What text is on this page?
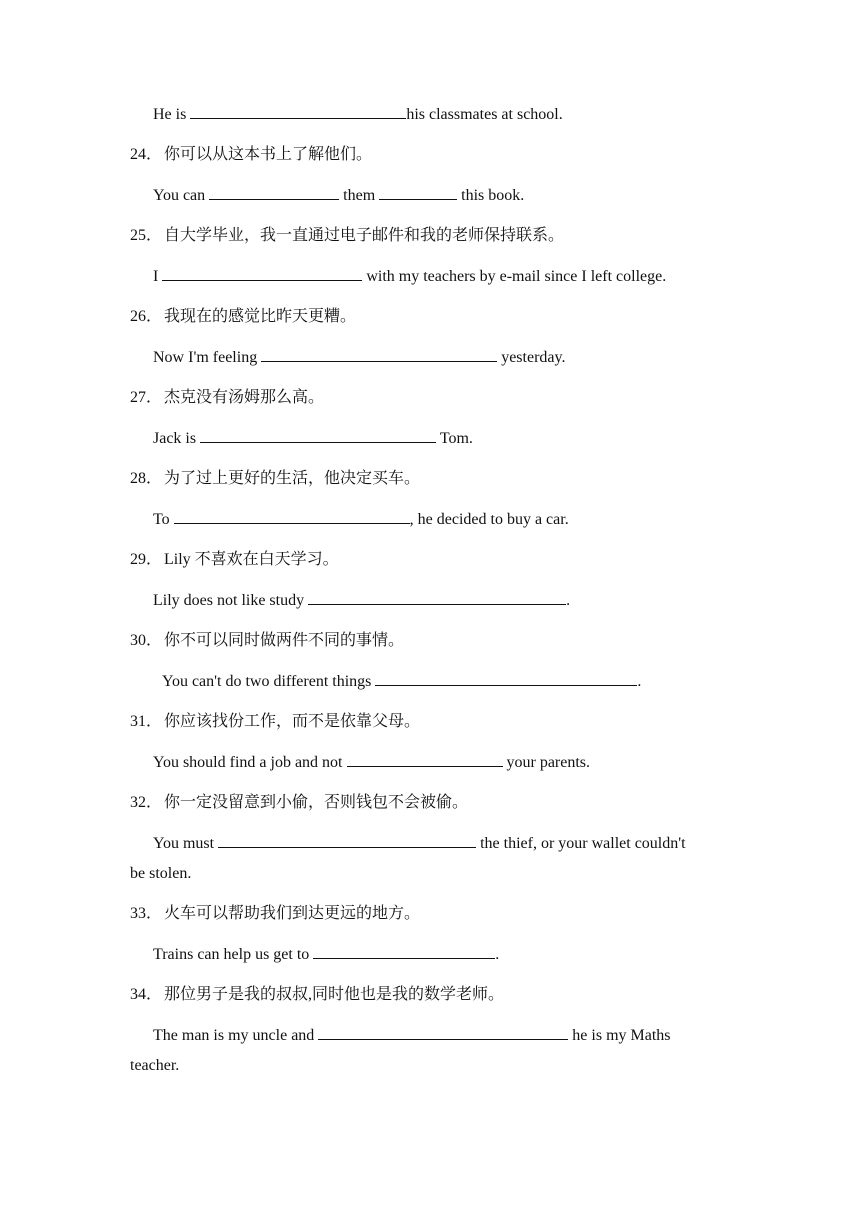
He is	his classmates at school.
24． 你可以从这本书上了解他们。
You can	them	this book.
25． 自大学毕业，我一直通过电子邮件和我的老师保持联系。
I	with my teachers by e-mail since I left college.
26． 我现在的感觉比昨天更糟。
Now I'm feeling	yesterday.
27． 杰克没有汤姆那么高。
Jack is	Tom.
28． 为了过上更好的生活，他决定买车。
To	, he decided to buy a car.
29． Lily 不喜欢在白天学习。
Lily does not like study	.
30． 你不可以同时做两件不同的事情。
You can't do two different things	.
31． 你应该找份工作，而不是依靠父母。
You should find a job and not	your parents.
32． 你一定没留意到小偷，否则钱包不会被偷。
You must	the thief, or your wallet couldn't
be stolen.
33． 火车可以帮助我们到达更远的地方。
Trains can help us get to	.
34． 那位男子是我的叔叔,同时他也是我的数学老师。
The man is my uncle and	he is my Maths
teacher.
